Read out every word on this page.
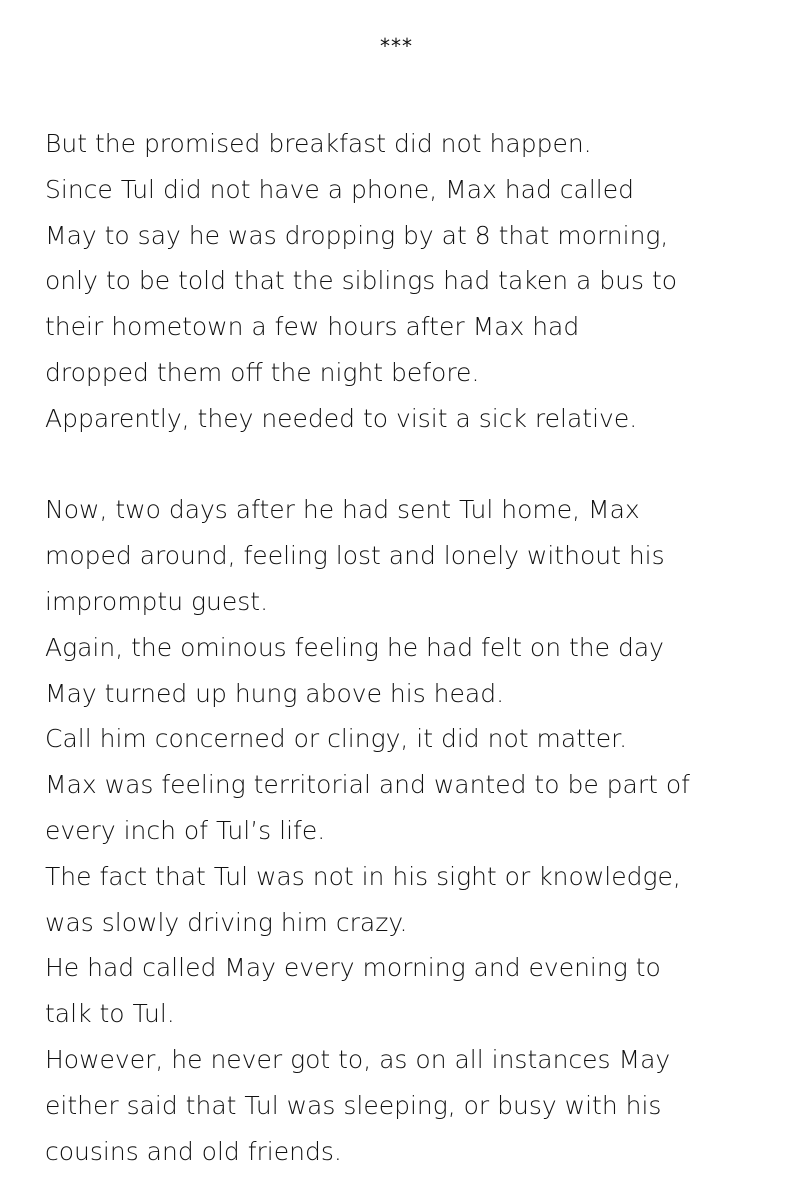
***
But the promised breakfast did not happen.
Since Tul did not have a phone, Max had called
May to say he was dropping by at 8 that morning,
only to be told that the siblings had taken a bus to
their hometown a few hours after Max had
dropped them off the night before.
Apparently, they needed to visit a sick relative.
Now, two days after he had sent Tul home, Max
moped around, feeling lost and lonely without his
impromptu guest.
Again, the ominous feeling he had felt on the day
May turned up hung above his head.
Call him concerned or clingy, it did not matter.
Max was feeling territorial and wanted to be part of
every inch of Tul’s life.
The fact that Tul was not in his sight or knowledge,
was slowly driving him crazy.
He had called May every morning and evening to
talk to Tul.
However, he never got to, as on all instances May
either said that Tul was sleeping, or busy with his
cousins and old friends.
